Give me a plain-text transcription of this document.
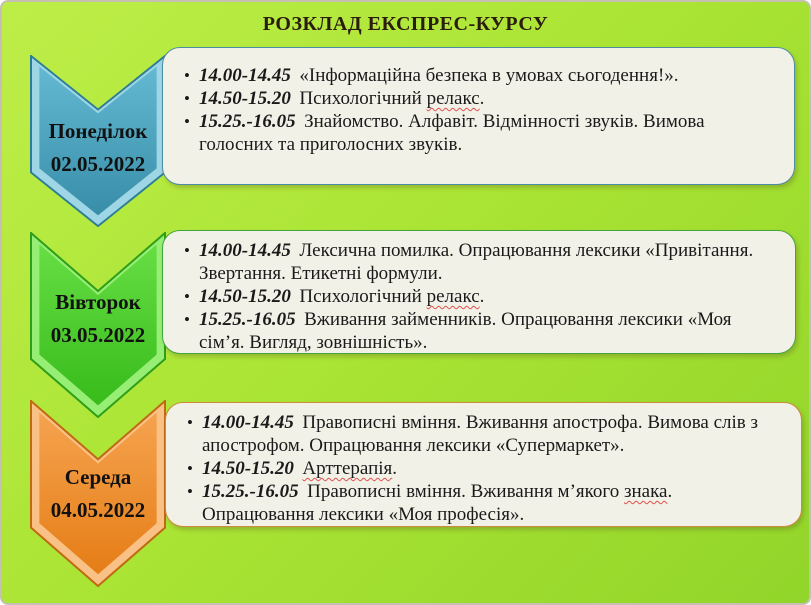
РОЗКЛАД ЕКСПРЕС-КУРСУ
Понеділок
02.05.2022
• 14.00-14.45 «Інформаційна безпека в умовах сьогодення!».
• 14.50-15.20 Психологічний релакс.
• 15.25.-16.05 Знайомство. Алфавіт. Відмінності звуків. Вимова голосних та приголосних звуків.
Вівторок
03.05.2022
• 14.00-14.45 Лексична помилка. Опрацювання лексики «Привітання. Звертання. Етикетні формули.
• 14.50-15.20 Психологічний релакс.
• 15.25.-16.05 Вживання займенників. Опрацювання лексики «Моя сім’я. Вигляд, зовнішність».
Середа
04.05.2022
• 14.00-14.45 Правописні вміння. Вживання апострофа. Вимова слів з апострофом. Опрацювання лексики «Супермаркет».
• 14.50-15.20 Арттерапія.
• 15.25.-16.05 Правописні вміння. Вживання м’якого знака. Опрацювання лексики «Моя професія».
